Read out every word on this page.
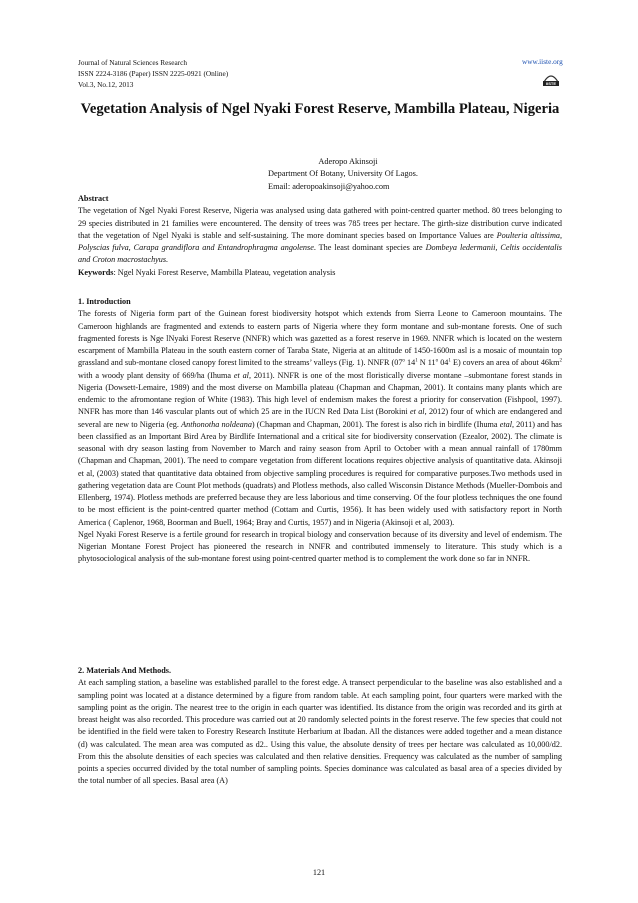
Journal of Natural Sciences Research
ISSN 2224-3186 (Paper) ISSN 2225-0921 (Online)
Vol.3, No.12, 2013
www.iiste.org
IISTE
Vegetation Analysis of Ngel Nyaki Forest Reserve, Mambilla Plateau, Nigeria
Aderopo Akinsoji
Department Of Botany, University Of Lagos.
Email: aderopoakinsoji@yahoo.com

Abstract

The vegetation of Ngel Nyaki Forest Reserve, Nigeria was analysed using data gathered with point-centred quarter method. 80 trees belonging to 29 species distributed in 21 families were encountered. The density of trees was 785 trees per hectare. The girth-size distribution curve indicated that the vegetation of Ngel Nyaki is stable and self-sustaining. The more dominant species based on Importance Values are Poulteria altissima, Polyscias fulva, Carapa grandiflora and Entandrophragma angolense. The least dominant species are Dombeya ledermanii, Celtis occidentalis and Croton macrostachyus.

Keywords: Ngel Nyaki Forest Reserve, Mambilla Plateau, vegetation analysis

1. Introduction

The forests of Nigeria form part of the Guinean forest biodiversity hotspot which extends from Sierra Leone to Cameroon mountains. The Cameroon highlands are fragmented and extends to eastern parts of Nigeria where they form montane and sub-montane forests. One of such fragmented forests is Nge lNyaki Forest Reserve (NNFR) which was gazetted as a forest reserve in 1969. NNFR which is located on the western escarpment of Mambilla Plateau in the south eastern corner of Taraba State, Nigeria at an altitude of 1450-1600m asl is a mosaic of mountain top grassland and sub-montane closed canopy forest limited to the streams’ valleys (Fig. 1). NNFR (07$^o$ $14^1$ N 11$^o$ $04^1$ E) covers an area of about $46km^2$ with a woody plant density of 669/ha (Ihuma et al, 2011). NNFR is one of the most floristically diverse montane –submontane forest stands in Nigeria (Dowsett-Lemaire, 1989) and the most diverse on Mambilla plateau (Chapman and Chapman, 2001). It contains many plants which are endemic to the afromontane region of White (1983). This high level of endemism makes the forest a priority for conservation (Fishpool, 1997). NNFR has more than 146 vascular plants out of which 25 are in the IUCN Red Data List (Borokini et al, 2012) four of which are endangered and several are new to Nigeria (eg. Anthonotha noldeana) (Chapman and Chapman, 2001). The forest is also rich in birdlife (Ihuma etal, 2011) and has been classified as an Important Bird Area by Birdlife International and a critical site for biodiversity conservation (Ezealor, 2002). The climate is seasonal with dry season lasting from November to March and rainy season from April to October with a mean annual rainfall of 1780mm (Chapman and Chapman, 2001). The need to compare vegetation from different locations requires objective analysis of quantitative data. Akinsoji et al, (2003) stated that quantitative data obtained from objective sampling procedures is required for comparative purposes.Two methods used in gathering vegetation data are Count Plot methods (quadrats) and Plotless methods, also called Wisconsin Distance Methods (Mueller-Dombois and Ellenberg, 1974). Plotless methods are preferred because they are less laborious and time conserving. Of the four plotless techniques the one found to be most efficient is the point-centred quarter method (Cottam and Curtis, 1956). It has been widely used with satisfactory report in North America ( Caplenor, 1968, Boorman and Buell, 1964; Bray and Curtis, 1957) and in Nigeria (Akinsoji et al, 2003).

Ngel Nyaki Forest Reserve is a fertile ground for research in tropical biology and conservation because of its diversity and level of endemism. The Nigerian Montane Forest Project has pioneered the research in NNFR and contributed immensely to literature. This study which is a phytosociological analysis of the sub-montane forest using point-centred quarter method is to complement the work done so far in NNFR.

2. Materials And Methods.

At each sampling station, a baseline was established parallel to the forest edge. A transect perpendicular to the baseline was also established and a sampling point was located at a distance determined by a figure from random table. At each sampling point, four quarters were marked with the sampling point as the origin. The nearest tree to the origin in each quarter was identified. Its distance from the origin was recorded and its girth at breast height was also recorded. This procedure was carried out at 20 randomly selected points in the forest reserve. The few species that could not be identified in the field were taken to Forestry Research Institute Herbarium at Ibadan. All the distances were added together and a mean distance (d) was calculated. The mean area was computed as d2.. Using this value, the absolute density of trees per hectare was calculated as 10,000/d2. From this the absolute densities of each species was calculated and then relative densities. Frequency was calculated as the number of sampling points a species occurred divided by the total number of sampling points. Species dominance was calculated as basal area of a species divided by the total number of all species. Basal area (A)

121
